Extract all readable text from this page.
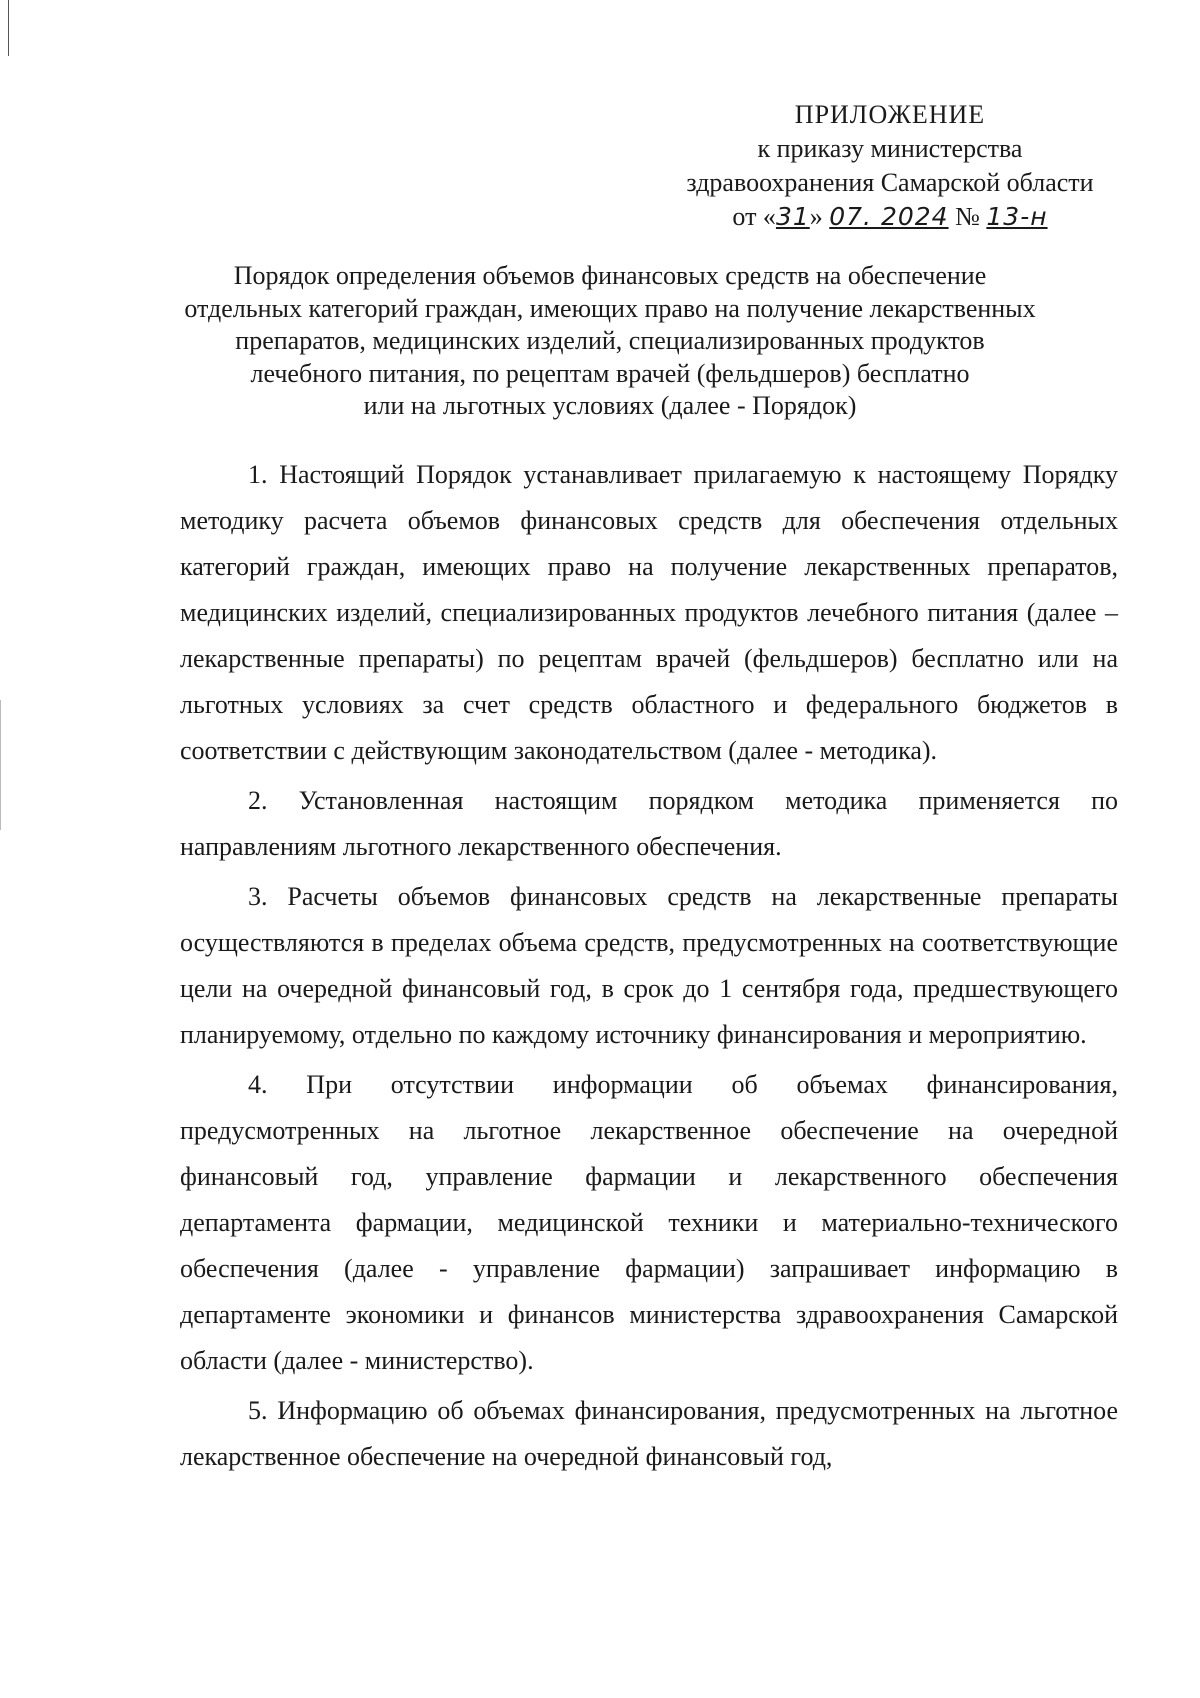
ПРИЛОЖЕНИЕ
к приказу министерства
здравоохранения Самарской области
от «31» 07. 2024 № 13-н
Порядок определения объемов финансовых средств на обеспечение
отдельных категорий граждан, имеющих право на получение лекарственных
препаратов, медицинских изделий, специализированных продуктов
лечебного питания, по рецептам врачей (фельдшеров) бесплатно
или на льготных условиях (далее - Порядок)

1. Настоящий Порядок устанавливает прилагаемую к настоящему Порядку методику расчета объемов финансовых средств для обеспечения отдельных категорий граждан, имеющих право на получение лекарственных препаратов, медицинских изделий, специализированных продуктов лечебного питания (далее – лекарственные препараты) по рецептам врачей (фельдшеров) бесплатно или на льготных условиях за счет средств областного и федерального бюджетов в соответствии с действующим законодательством (далее - методика).

2. Установленная настоящим порядком методика применяется по направлениям льготного лекарственного обеспечения.

3. Расчеты объемов финансовых средств на лекарственные препараты осуществляются в пределах объема средств, предусмотренных на соответствующие цели на очередной финансовый год, в срок до 1 сентября года, предшествующего планируемому, отдельно по каждому источнику финансирования и мероприятию.

4. При отсутствии информации об объемах финансирования, предусмотренных на льготное лекарственное обеспечение на очередной финансовый год, управление фармации и лекарственного обеспечения департамента фармации, медицинской техники и материально-технического обеспечения (далее - управление фармации) запрашивает информацию в департаменте экономики и финансов министерства здравоохранения Самарской области (далее - министерство).

5. Информацию об объемах финансирования, предусмотренных на льготное лекарственное обеспечение на очередной финансовый год,
